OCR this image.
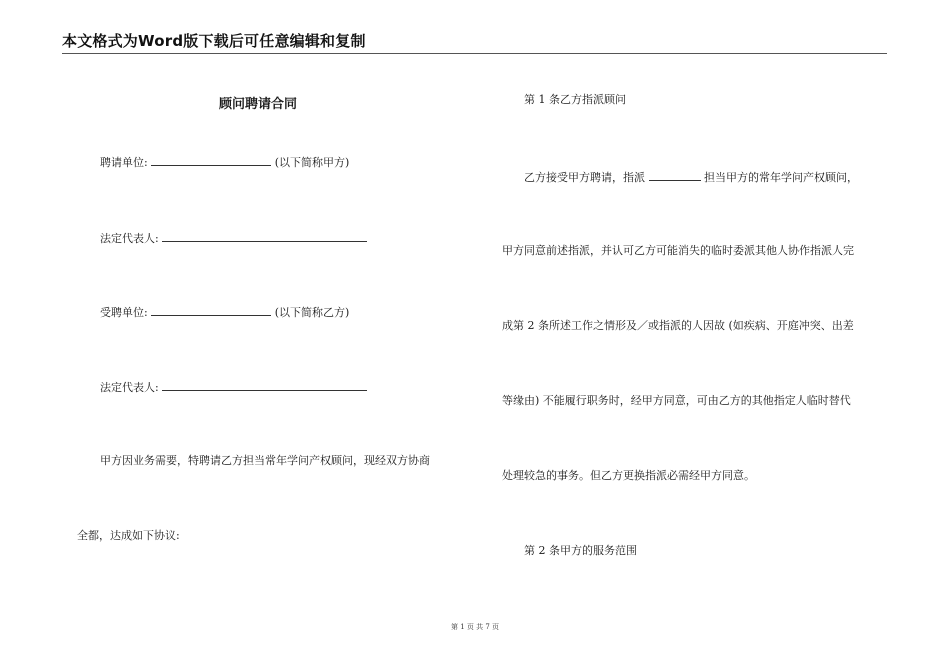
本文格式为Word版下载后可任意编辑和复制
顾问聘请合同
聘请单位:	(以下简称甲方)
法定代表人:
受聘单位:	(以下简称乙方)
法定代表人:
甲方因业务需要，特聘请乙方担当常年学问产权顾问，现经双方协商
全都，达成如下协议:
第 1 条乙方指派顾问
乙方接受甲方聘请，指派	担当甲方的常年学问产权顾问，
甲方同意前述指派，并认可乙方可能消失的临时委派其他人协作指派人完
成第 2 条所述工作之情形及／或指派的人因故 (如疾病、开庭冲突、出差
等缘由) 不能履行职务时，经甲方同意，可由乙方的其他指定人临时替代
处理较急的事务。但乙方更换指派必需经甲方同意。
第 2 条甲方的服务范围
第 1 页 共 7 页
